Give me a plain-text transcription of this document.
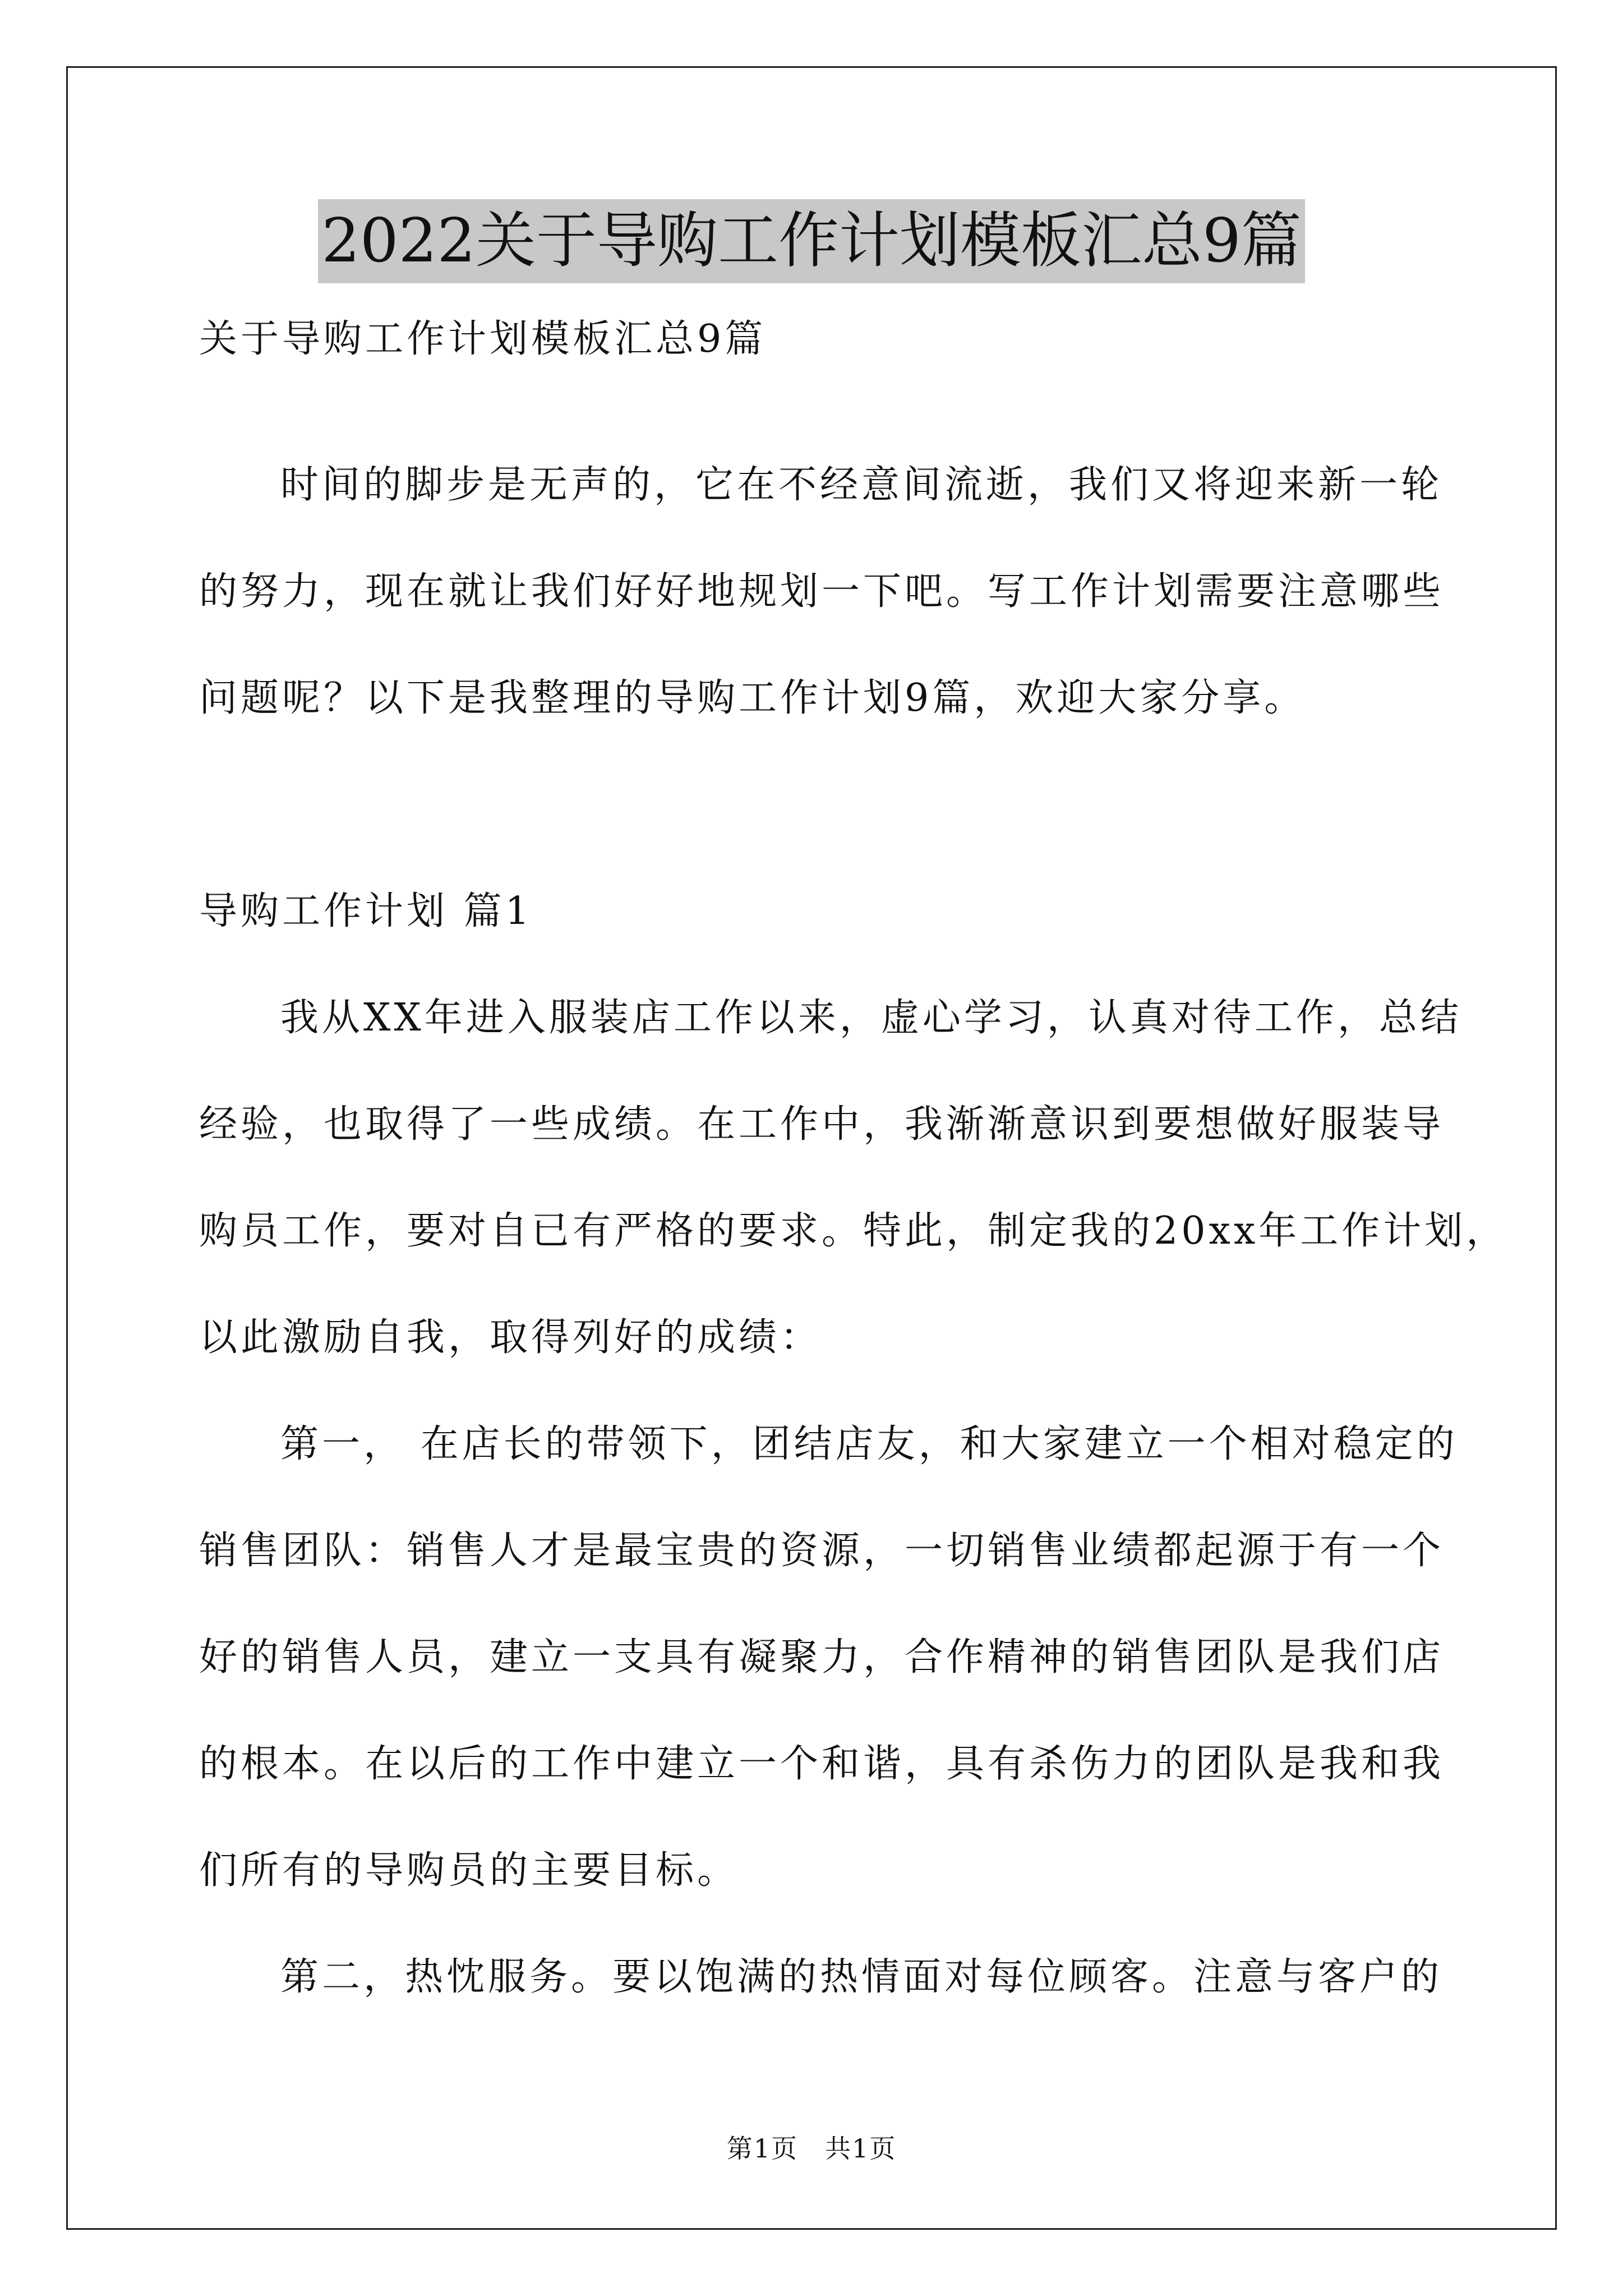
2022关于导购工作计划模板汇总9篇
关于导购工作计划模板汇总9篇
时间的脚步是无声的，它在不经意间流逝，我们又将迎来新一轮
的努力，现在就让我们好好地规划一下吧。写工作计划需要注意哪些
问题呢？以下是我整理的导购工作计划9篇，欢迎大家分享。
导购工作计划 篇1
我从XX年进入服装店工作以来，虚心学习，认真对待工作，总结
经验，也取得了一些成绩。在工作中，我渐渐意识到要想做好服装导
购员工作，要对自已有严格的要求。特此，制定我的20xx年工作计划，
以此激励自我，取得列好的成绩：
第一， 在店长的带领下，团结店友，和大家建立一个相对稳定的
销售团队：销售人才是最宝贵的资源，一切销售业绩都起源于有一个
好的销售人员，建立一支具有凝聚力，合作精神的销售团队是我们店
的根本。在以后的工作中建立一个和谐，具有杀伤力的团队是我和我
们所有的导购员的主要目标。
第二，热忱服务。要以饱满的热情面对每位顾客。注意与客户的
第1页　共1页
